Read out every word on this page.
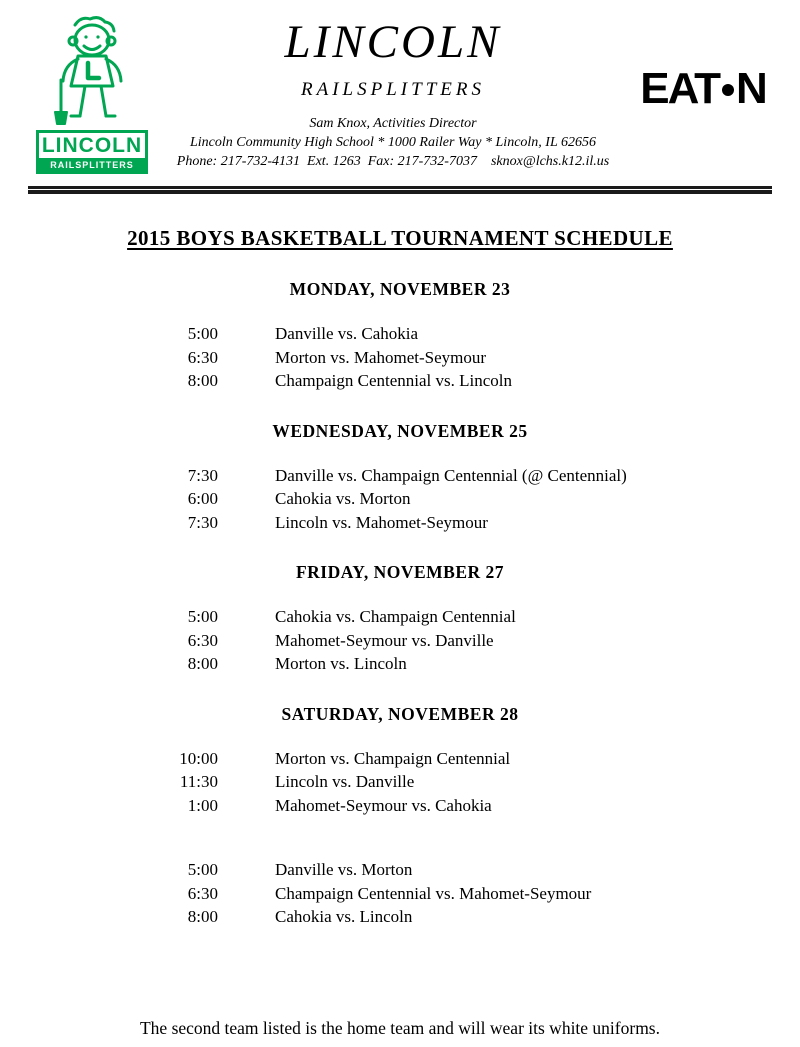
LINCOLN
RAILSPLITTERS
LINCOLN
RAILSPLITTERS
Sam Knox, Activities Director
Lincoln Community High School * 1000 Railer Way * Lincoln, IL 62656
Phone: 217-732-4131  Ext. 1263  Fax: 217-732-7037    sknox@lchs.k12.il.us
EAT N
2015 BOYS BASKETBALL TOURNAMENT SCHEDULE
MONDAY, NOVEMBER 23
5:00	Danville vs. Cahokia
6:30	Morton vs. Mahomet-Seymour
8:00	Champaign Centennial vs. Lincoln
WEDNESDAY, NOVEMBER 25
7:30	Danville vs. Champaign Centennial (@ Centennial)
6:00	Cahokia vs. Morton
7:30	Lincoln vs. Mahomet-Seymour
FRIDAY, NOVEMBER 27
5:00	Cahokia vs. Champaign Centennial
6:30	Mahomet-Seymour vs. Danville
8:00	Morton vs. Lincoln
SATURDAY, NOVEMBER 28
10:00	Morton vs. Champaign Centennial
11:30	Lincoln vs. Danville
1:00	Mahomet-Seymour vs. Cahokia
5:00	Danville vs. Morton
6:30	Champaign Centennial vs. Mahomet-Seymour
8:00	Cahokia vs. Lincoln
The second team listed is the home team and will wear its white uniforms.
